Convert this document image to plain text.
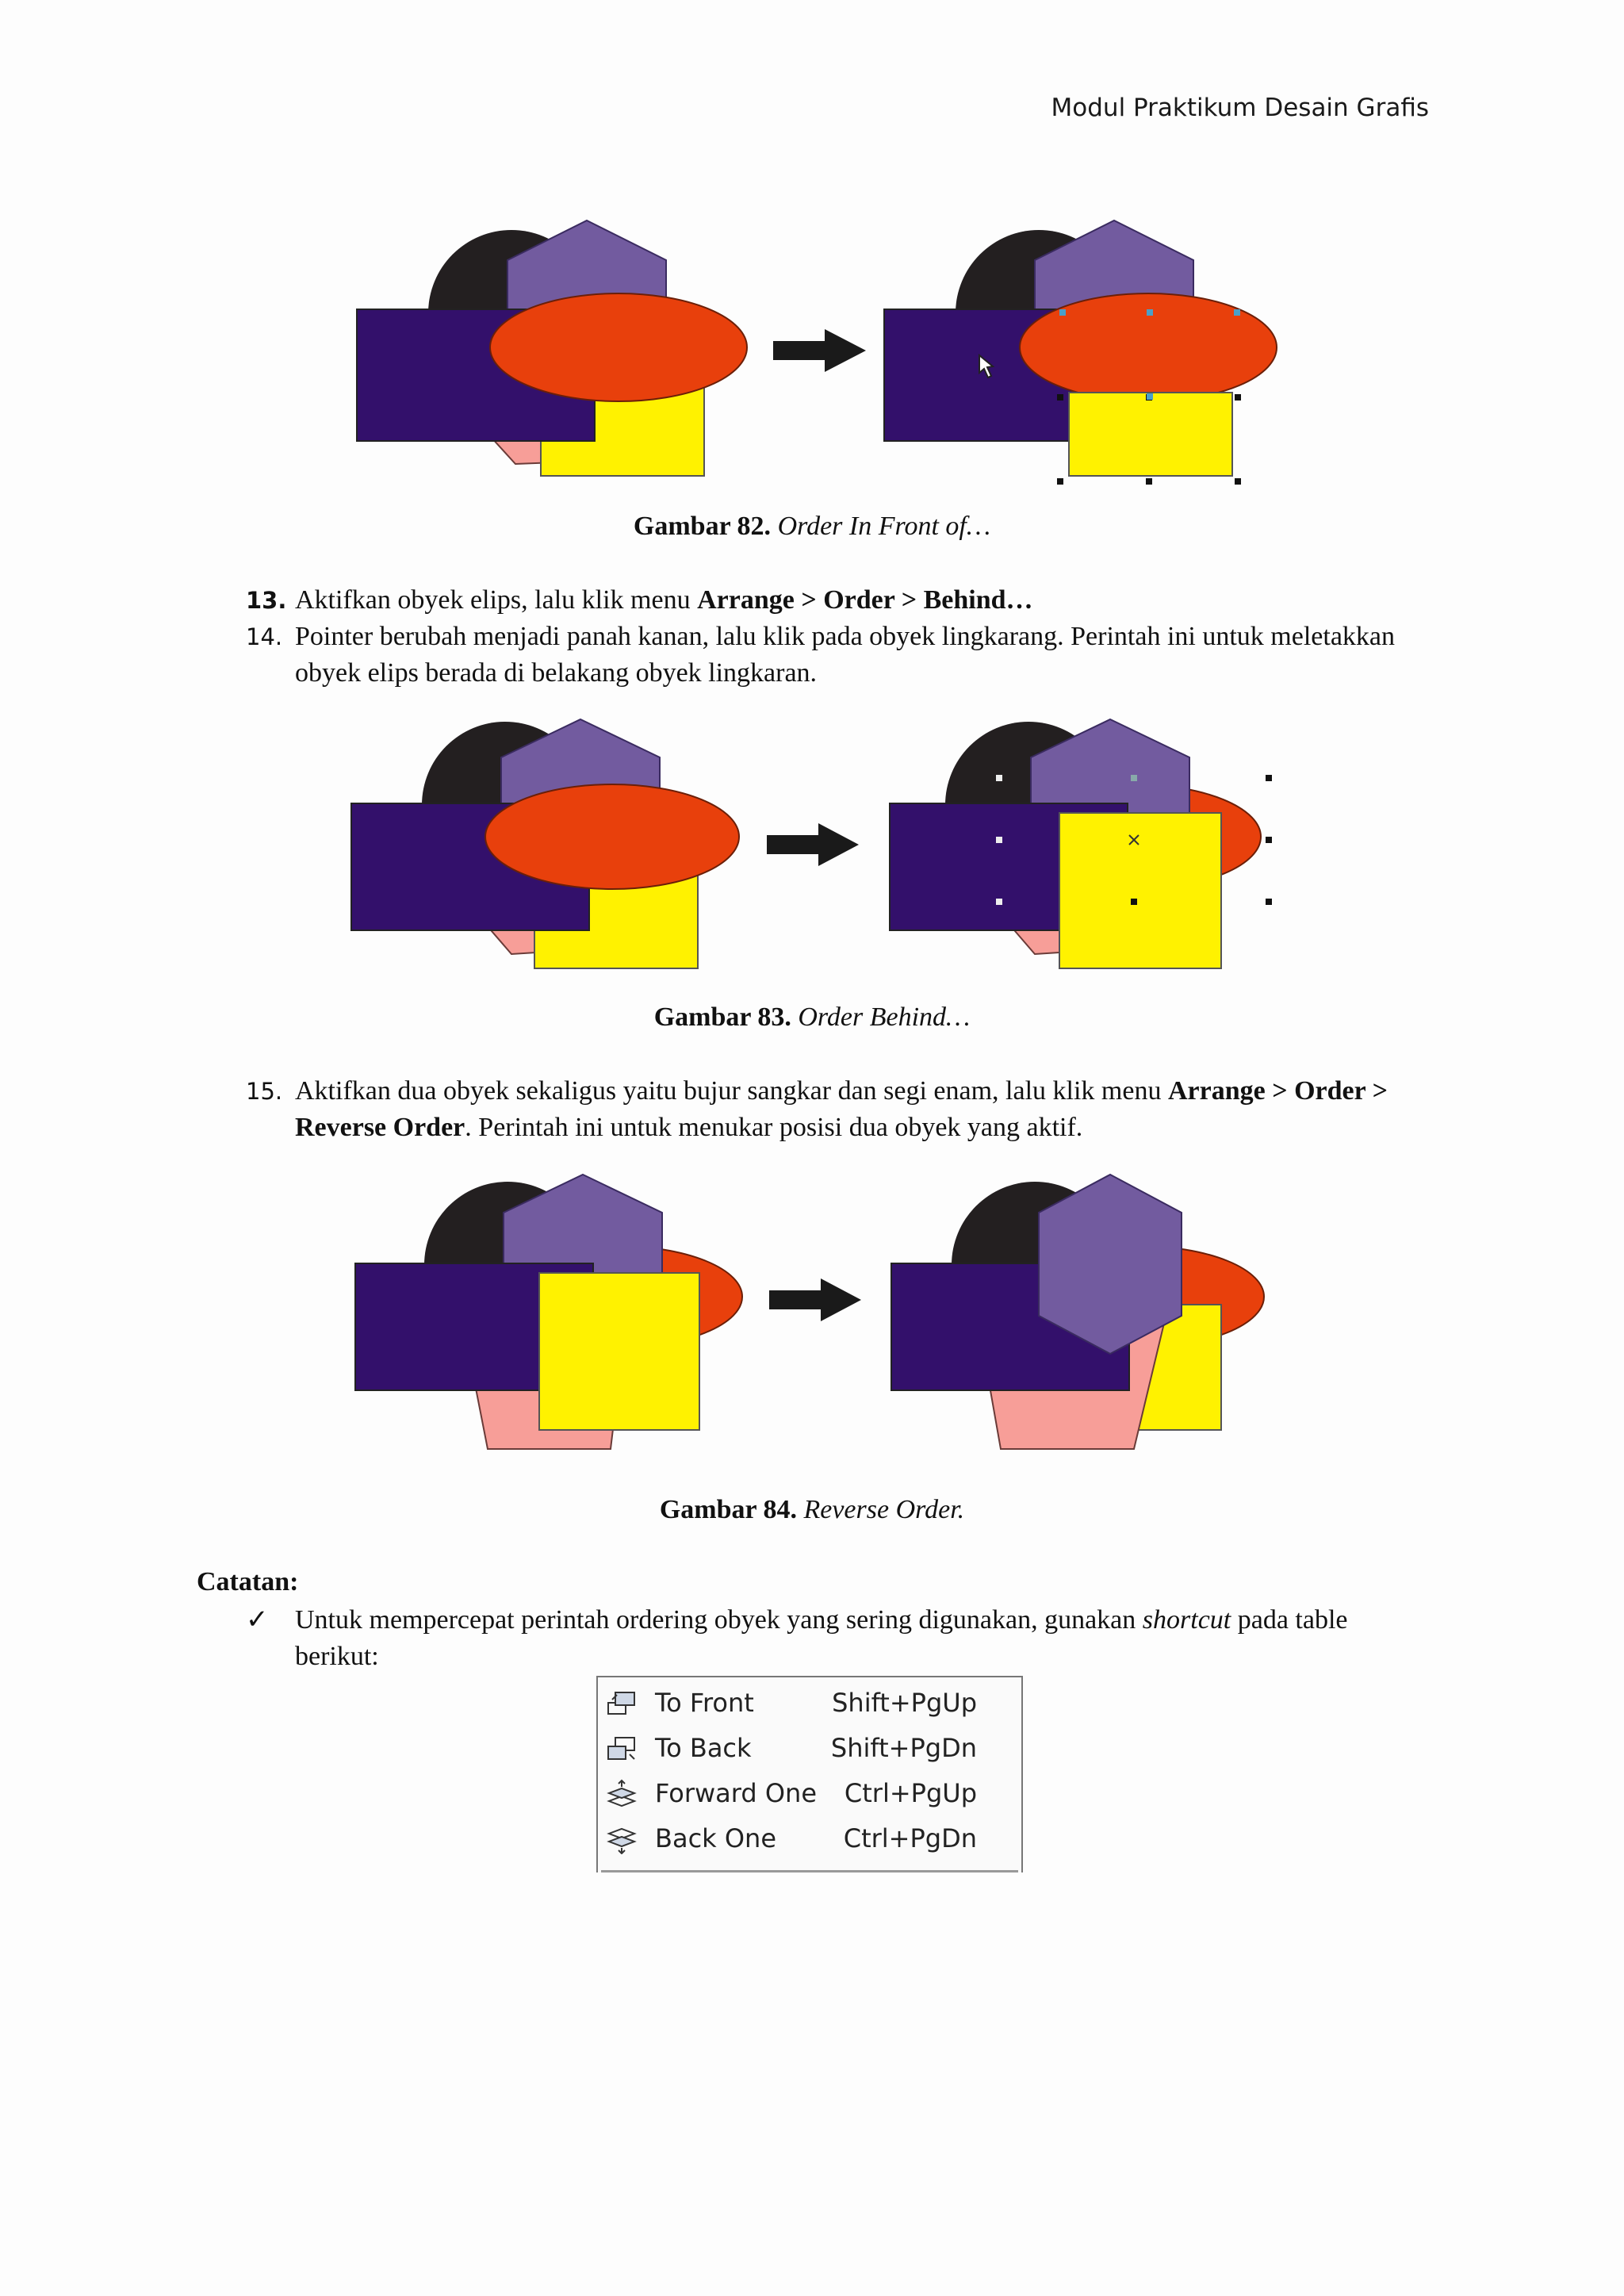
Modul Praktikum Desain Grafis
Gambar 82. Order In Front of…
13. Aktifkan obyek elips, lalu klik menu Arrange > Order > Behind…
14. Pointer berubah menjadi panah kanan, lalu klik pada obyek lingkarang. Perintah ini untuk meletakkan obyek elips berada di belakang obyek lingkaran.
Gambar 83. Order Behind…
15. Aktifkan dua obyek sekaligus yaitu bujur sangkar dan segi enam, lalu klik menu Arrange > Order > Reverse Order. Perintah ini untuk menukar posisi dua obyek yang aktif.
Gambar 84. Reverse Order.
Catatan:
✓ Untuk mempercepat perintah ordering obyek yang sering digunakan, gunakan shortcut pada table berikut:
To Front	Shift+PgUp
To Back	Shift+PgDn
Forward One Ctrl+PgUp
Back One	Ctrl+PgDn
